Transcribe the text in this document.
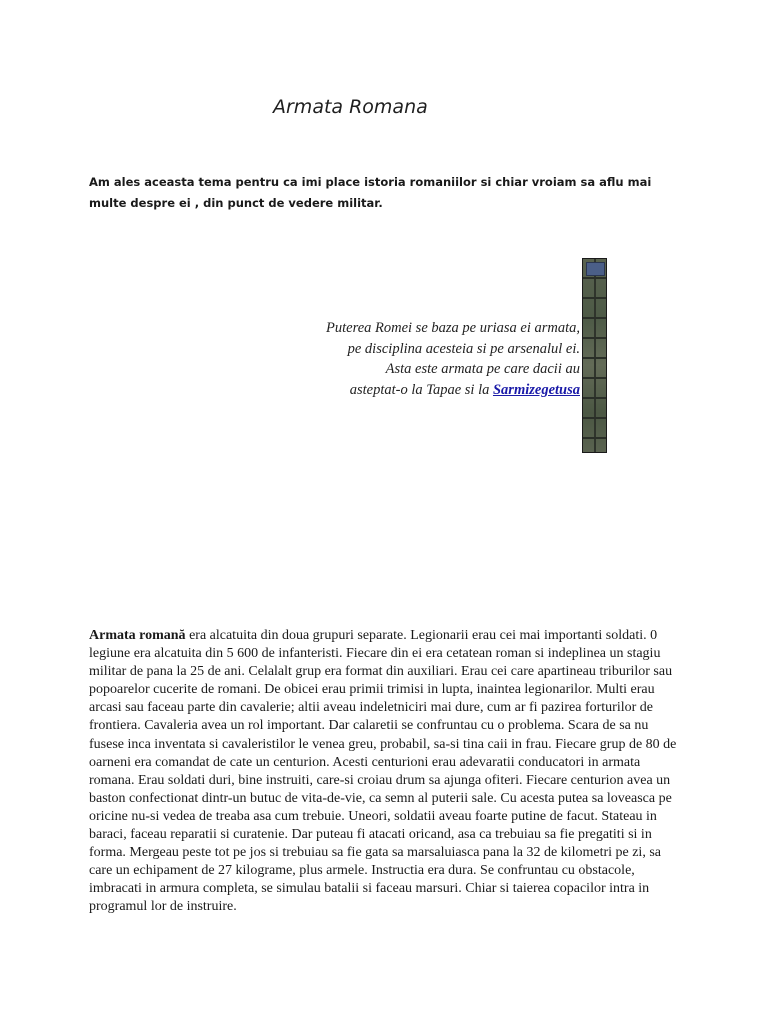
Armata Romana

Am ales aceasta tema pentru ca imi place istoria romaniilor si chiar vroiam sa aflu mai multe despre ei , din punct de vedere militar.

Puterea Romei se baza pe uriasa ei armata,
pe disciplina acesteia si pe arsenalul ei.
Asta este armata pe care dacii au
asteptat-o la Tapae si la Sarmizegetusa

Armata romană era alcatuita din doua grupuri separate. Legionarii erau cei mai importanti soldati. 0 legiune era alcatuita din 5 600 de infanteristi. Fiecare din ei era cetatean roman si indeplinea un stagiu militar de pana la 25 de ani. Celalalt grup era format din auxiliari. Erau cei care apartineau triburilor sau popoarelor cucerite de romani. De obicei erau primii trimisi in lupta, inaintea legionarilor. Multi erau arcasi sau faceau parte din cavalerie; altii aveau indeletniciri mai dure, cum ar fi pazirea forturilor de frontiera. Cavaleria avea un rol important. Dar calaretii se confruntau cu o problema. Scara de sa nu fusese inca inventata si cavaleristilor le venea greu, probabil, sa-si tina caii in frau. Fiecare grup de 80 de oarneni era comandat de cate un centurion. Acesti centurioni erau adevaratii conducatori in armata romana. Erau soldati duri, bine instruiti, care-si croiau drum sa ajunga ofiteri. Fiecare centurion avea un baston confectionat dintr-un butuc de vita-de-vie, ca semn al puterii sale. Cu acesta putea sa loveasca pe oricine nu-si vedea de treaba asa cum trebuie. Uneori, soldatii aveau foarte putine de facut. Stateau in baraci, faceau reparatii si curatenie. Dar puteau fi atacati oricand, asa ca trebuiau sa fie pregatiti si in forma. Mergeau peste tot pe jos si trebuiau sa fie gata sa marsaluiasca pana la 32 de kilometri pe zi, sa care un echipament de 27 kilograme, plus armele. Instructia era dura. Se confruntau cu obstacole, imbracati in armura completa, se simulau batalii si faceau marsuri. Chiar si taierea copacilor intra in programul lor de instruire.
